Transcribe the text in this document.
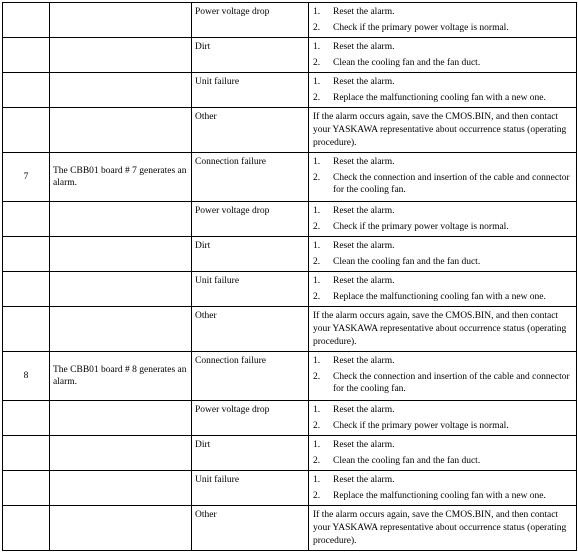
		Power voltage drop	1. Reset the alarm.
2. Check if the primary power voltage is normal.

		Dirt	1. Reset the alarm.
2. Clean the cooling fan and the fan duct.

		Unit failure	1. Reset the alarm.
2. Replace the malfunctioning cooling fan with a new one.

		Other	If the alarm occurs again, save the CMOS.BIN, and then contact your YASKAWA representative about occurrence status (operating procedure).

7	The CBB01 board # 7 generates an alarm.	Connection failure	1. Reset the alarm.
2. Check the connection and insertion of the cable and connector for the cooling fan.

		Power voltage drop	1. Reset the alarm.
2. Check if the primary power voltage is normal.

		Dirt	1. Reset the alarm.
2. Clean the cooling fan and the fan duct.

		Unit failure	1. Reset the alarm.
2. Replace the malfunctioning cooling fan with a new one.

		Other	If the alarm occurs again, save the CMOS.BIN, and then contact your YASKAWA representative about occurrence status (operating procedure).

8	The CBB01 board # 8 generates an alarm.	Connection failure	1. Reset the alarm.
2. Check the connection and insertion of the cable and connector for the cooling fan.

		Power voltage drop	1. Reset the alarm.
2. Check if the primary power voltage is normal.

		Dirt	1. Reset the alarm.
2. Clean the cooling fan and the fan duct.

		Unit failure	1. Reset the alarm.
2. Replace the malfunctioning cooling fan with a new one.

		Other	If the alarm occurs again, save the CMOS.BIN, and then contact your YASKAWA representative about occurrence status (operating procedure).
